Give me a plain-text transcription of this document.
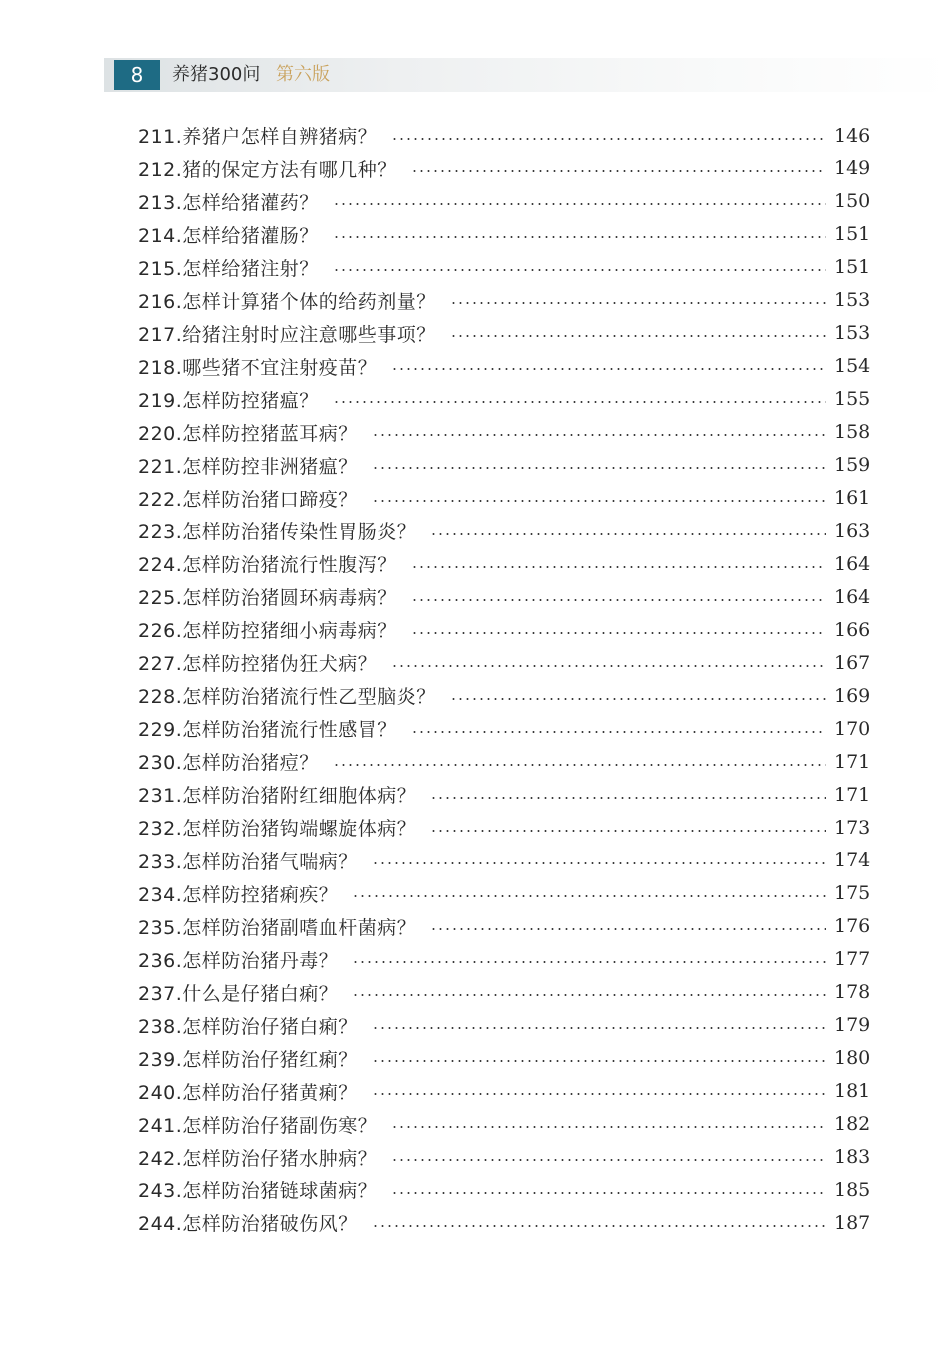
8	养猪300问 第六版
211.养猪户怎样自辨猪病？	146
212.猪的保定方法有哪几种？	149
213.怎样给猪灌药？	150
214.怎样给猪灌肠？	151
215.怎样给猪注射？	151
216.怎样计算猪个体的给药剂量？	153
217.给猪注射时应注意哪些事项？	153
218.哪些猪不宜注射疫苗？	154
219.怎样防控猪瘟？	155
220.怎样防控猪蓝耳病？	158
221.怎样防控非洲猪瘟？	159
222.怎样防治猪口蹄疫？	161
223.怎样防治猪传染性胃肠炎？	163
224.怎样防治猪流行性腹泻？	164
225.怎样防治猪圆环病毒病？	164
226.怎样防控猪细小病毒病？	166
227.怎样防控猪伪狂犬病？	167
228.怎样防治猪流行性乙型脑炎？	169
229.怎样防治猪流行性感冒？	170
230.怎样防治猪痘？	171
231.怎样防治猪附红细胞体病？	171
232.怎样防治猪钩端螺旋体病？	173
233.怎样防治猪气喘病？	174
234.怎样防控猪痢疾？	175
235.怎样防治猪副嗜血杆菌病？	176
236.怎样防治猪丹毒？	177
237.什么是仔猪白痢？	178
238.怎样防治仔猪白痢？	179
239.怎样防治仔猪红痢？	180
240.怎样防治仔猪黄痢？	181
241.怎样防治仔猪副伤寒？	182
242.怎样防治仔猪水肿病？	183
243.怎样防治猪链球菌病？	185
244.怎样防治猪破伤风？	187
